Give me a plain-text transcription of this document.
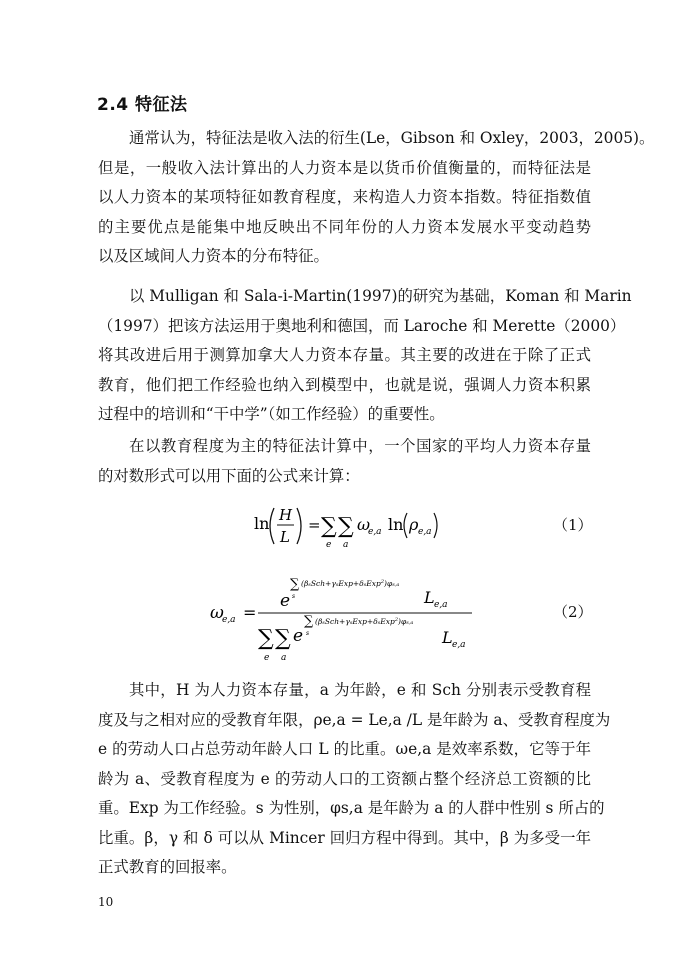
2.4 特征法
通常认为，特征法是收入法的衍生(Le，Gibson 和 Oxley，2003，2005)。
但是，一般收入法计算出的人力资本是以货币价值衡量的，而特征法是
以人力资本的某项特征如教育程度，来构造人力资本指数。特征指数值
的主要优点是能集中地反映出不同年份的人力资本发展水平变动趋势
以及区域间人力资本的分布特征。
以 Mulligan 和 Sala-i-Martin(1997)的研究为基础，Koman 和 Marin
（1997）把该方法运用于奥地利和德国，而 Laroche 和 Merette（2000）
将其改进后用于测算加拿大人力资本存量。其主要的改进在于除了正式
教育，他们把工作经验也纳入到模型中，也就是说，强调人力资本积累
过程中的培训和“干中学”（如工作经验）的重要性。
在以教育程度为主的特征法计算中，一个国家的平均人力资本存量
的对数形式可以用下面的公式来计算：
ln H
L
= ∑
e
∑
a
ω
e,a ln ρ e,a	（1）
ω
e,a =
e
∑
s
(βsSch+γsExp+δsExp$^2$)φs,a
L e,a
∑
e
∑
a
e
∑
s
(βsSch+γsExp+δsExp$^2$)φs,a
L e,a
（2）
其中，H 为人力资本存量，a 为年龄，e 和 Sch 分别表示受教育程
度及与之相对应的受教育年限，ρe,a = Le,a /L 是年龄为 a、受教育程度为
e 的劳动人口占总劳动年龄人口 L 的比重。ωe,a 是效率系数，它等于年
龄为 a、受教育程度为 e 的劳动人口的工资额占整个经济总工资额的比
重。Exp 为工作经验。s 为性别，φs,a 是年龄为 a 的人群中性别 s 所占的
比重。β，γ 和 δ 可以从 Mincer 回归方程中得到。其中，β 为多受一年
正式教育的回报率。
10
